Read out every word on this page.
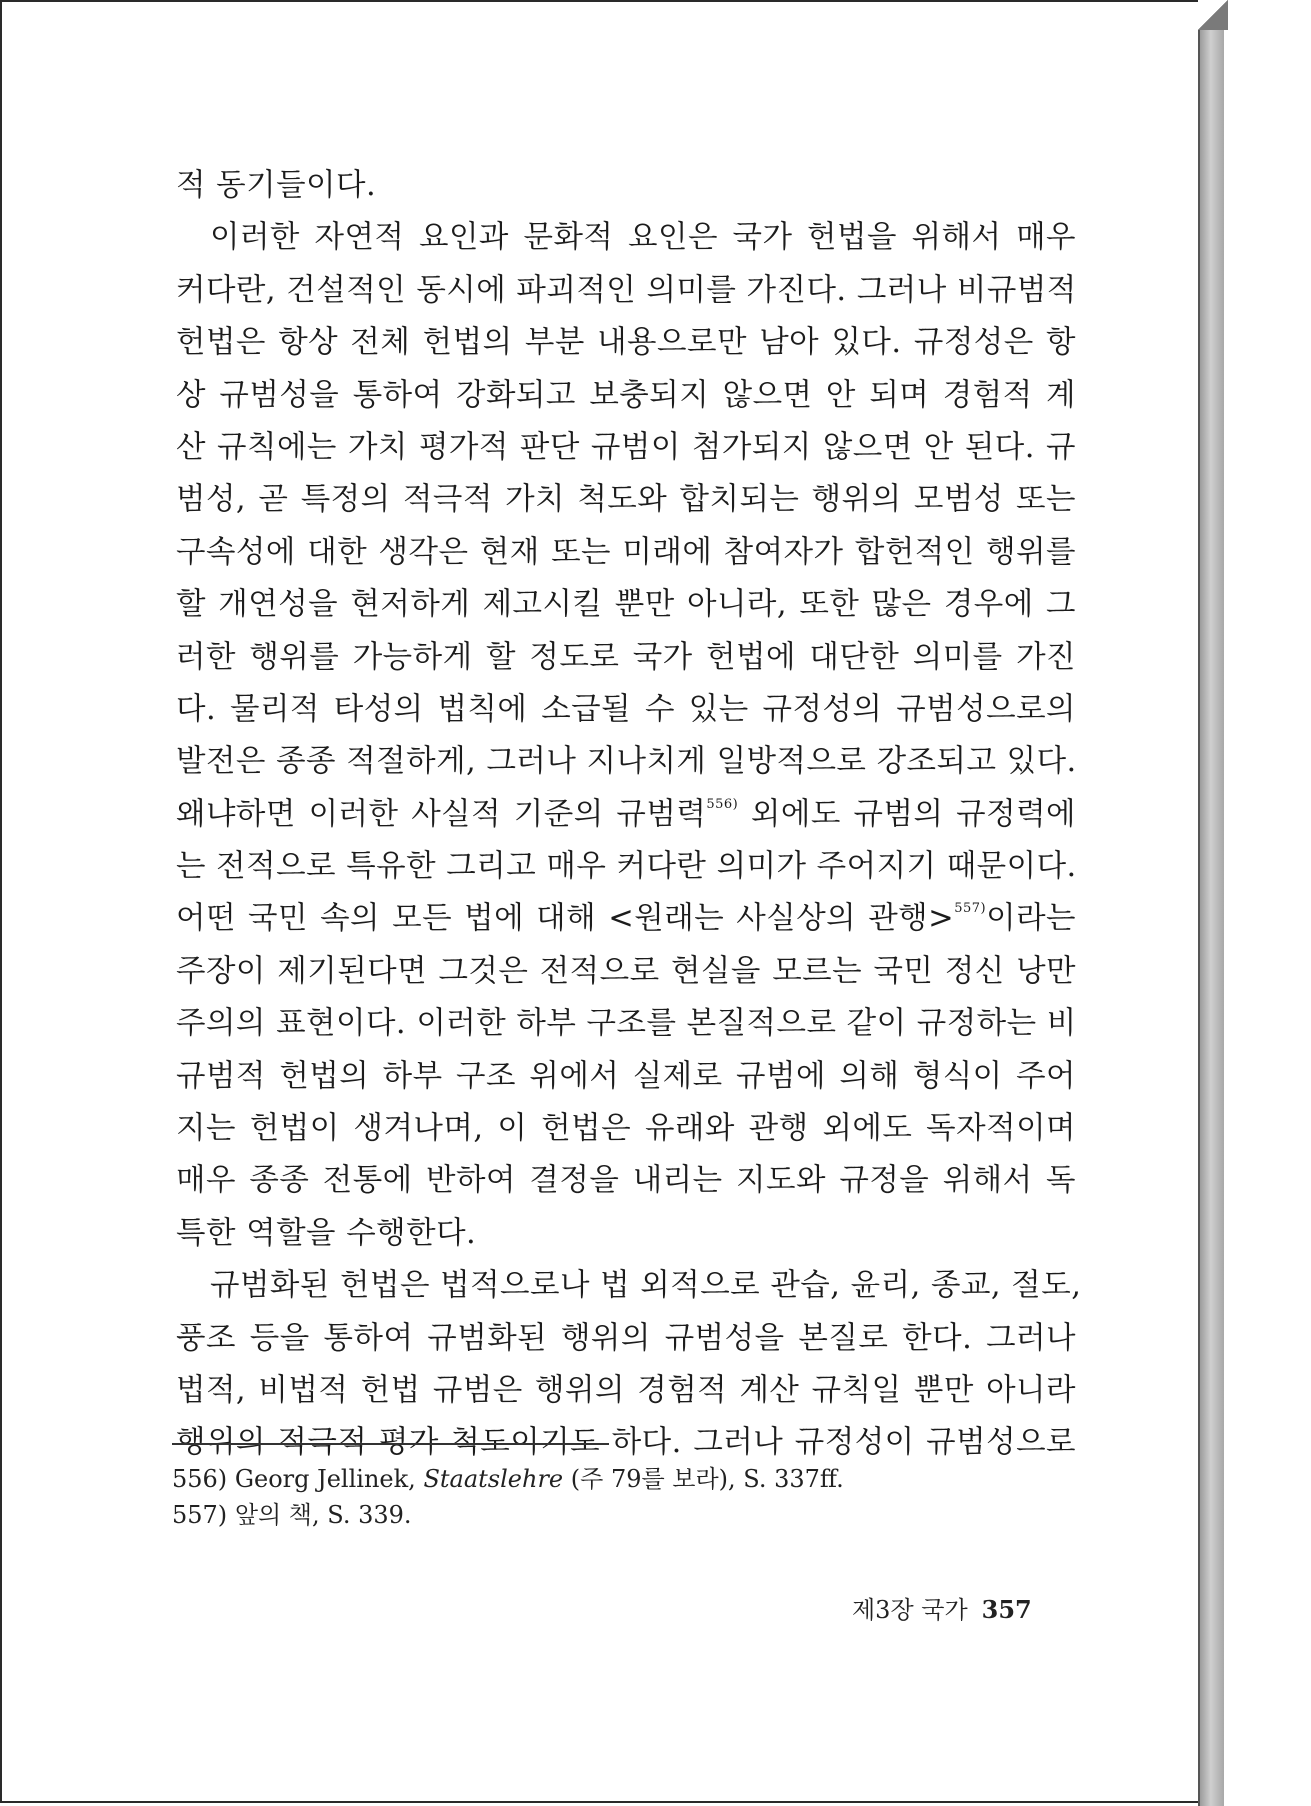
적 동기들이다.
이러한 자연적 요인과 문화적 요인은 국가 헌법을 위해서 매우
커다란, 건설적인 동시에 파괴적인 의미를 가진다. 그러나 비규범적
헌법은 항상 전체 헌법의 부분 내용으로만 남아 있다. 규정성은 항
상 규범성을 통하여 강화되고 보충되지 않으면 안 되며 경험적 계
산 규칙에는 가치 평가적 판단 규범이 첨가되지 않으면 안 된다. 규
범성, 곧 특정의 적극적 가치 척도와 합치되는 행위의 모범성 또는
구속성에 대한 생각은 현재 또는 미래에 참여자가 합헌적인 행위를
할 개연성을 현저하게 제고시킬 뿐만 아니라, 또한 많은 경우에 그
러한 행위를 가능하게 할 정도로 국가 헌법에 대단한 의미를 가진
다. 물리적 타성의 법칙에 소급될 수 있는 규정성의 규범성으로의
발전은 종종 적절하게, 그러나 지나치게 일방적으로 강조되고 있다.
왜냐하면 이러한 사실적 기준의 규범력$^{556)}$ 외에도 규범의 규정력에
는 전적으로 특유한 그리고 매우 커다란 의미가 주어지기 때문이다.
어떤 국민 속의 모든 법에 대해 <원래는 사실상의 관행>$^{557)}$이라는
주장이 제기된다면 그것은 전적으로 현실을 모르는 국민 정신 낭만
주의의 표현이다. 이러한 하부 구조를 본질적으로 같이 규정하는 비
규범적 헌법의 하부 구조 위에서 실제로 규범에 의해 형식이 주어
지는 헌법이 생겨나며, 이 헌법은 유래와 관행 외에도 독자적이며
매우 종종 전통에 반하여 결정을 내리는 지도와 규정을 위해서 독
특한 역할을 수행한다.
규범화된 헌법은 법적으로나 법 외적으로 관습, 윤리, 종교, 절도,
풍조 등을 통하여 규범화된 행위의 규범성을 본질로 한다. 그러나
법적, 비법적 헌법 규범은 행위의 경험적 계산 규칙일 뿐만 아니라
행위의 적극적 평가 척도이기도 하다. 그러나 규정성이 규범성으로
556) Georg Jellinek, Staatslehre (주 79를 보라), S. 337ff.
557) 앞의 책, S. 339.
제3장 국가 357
